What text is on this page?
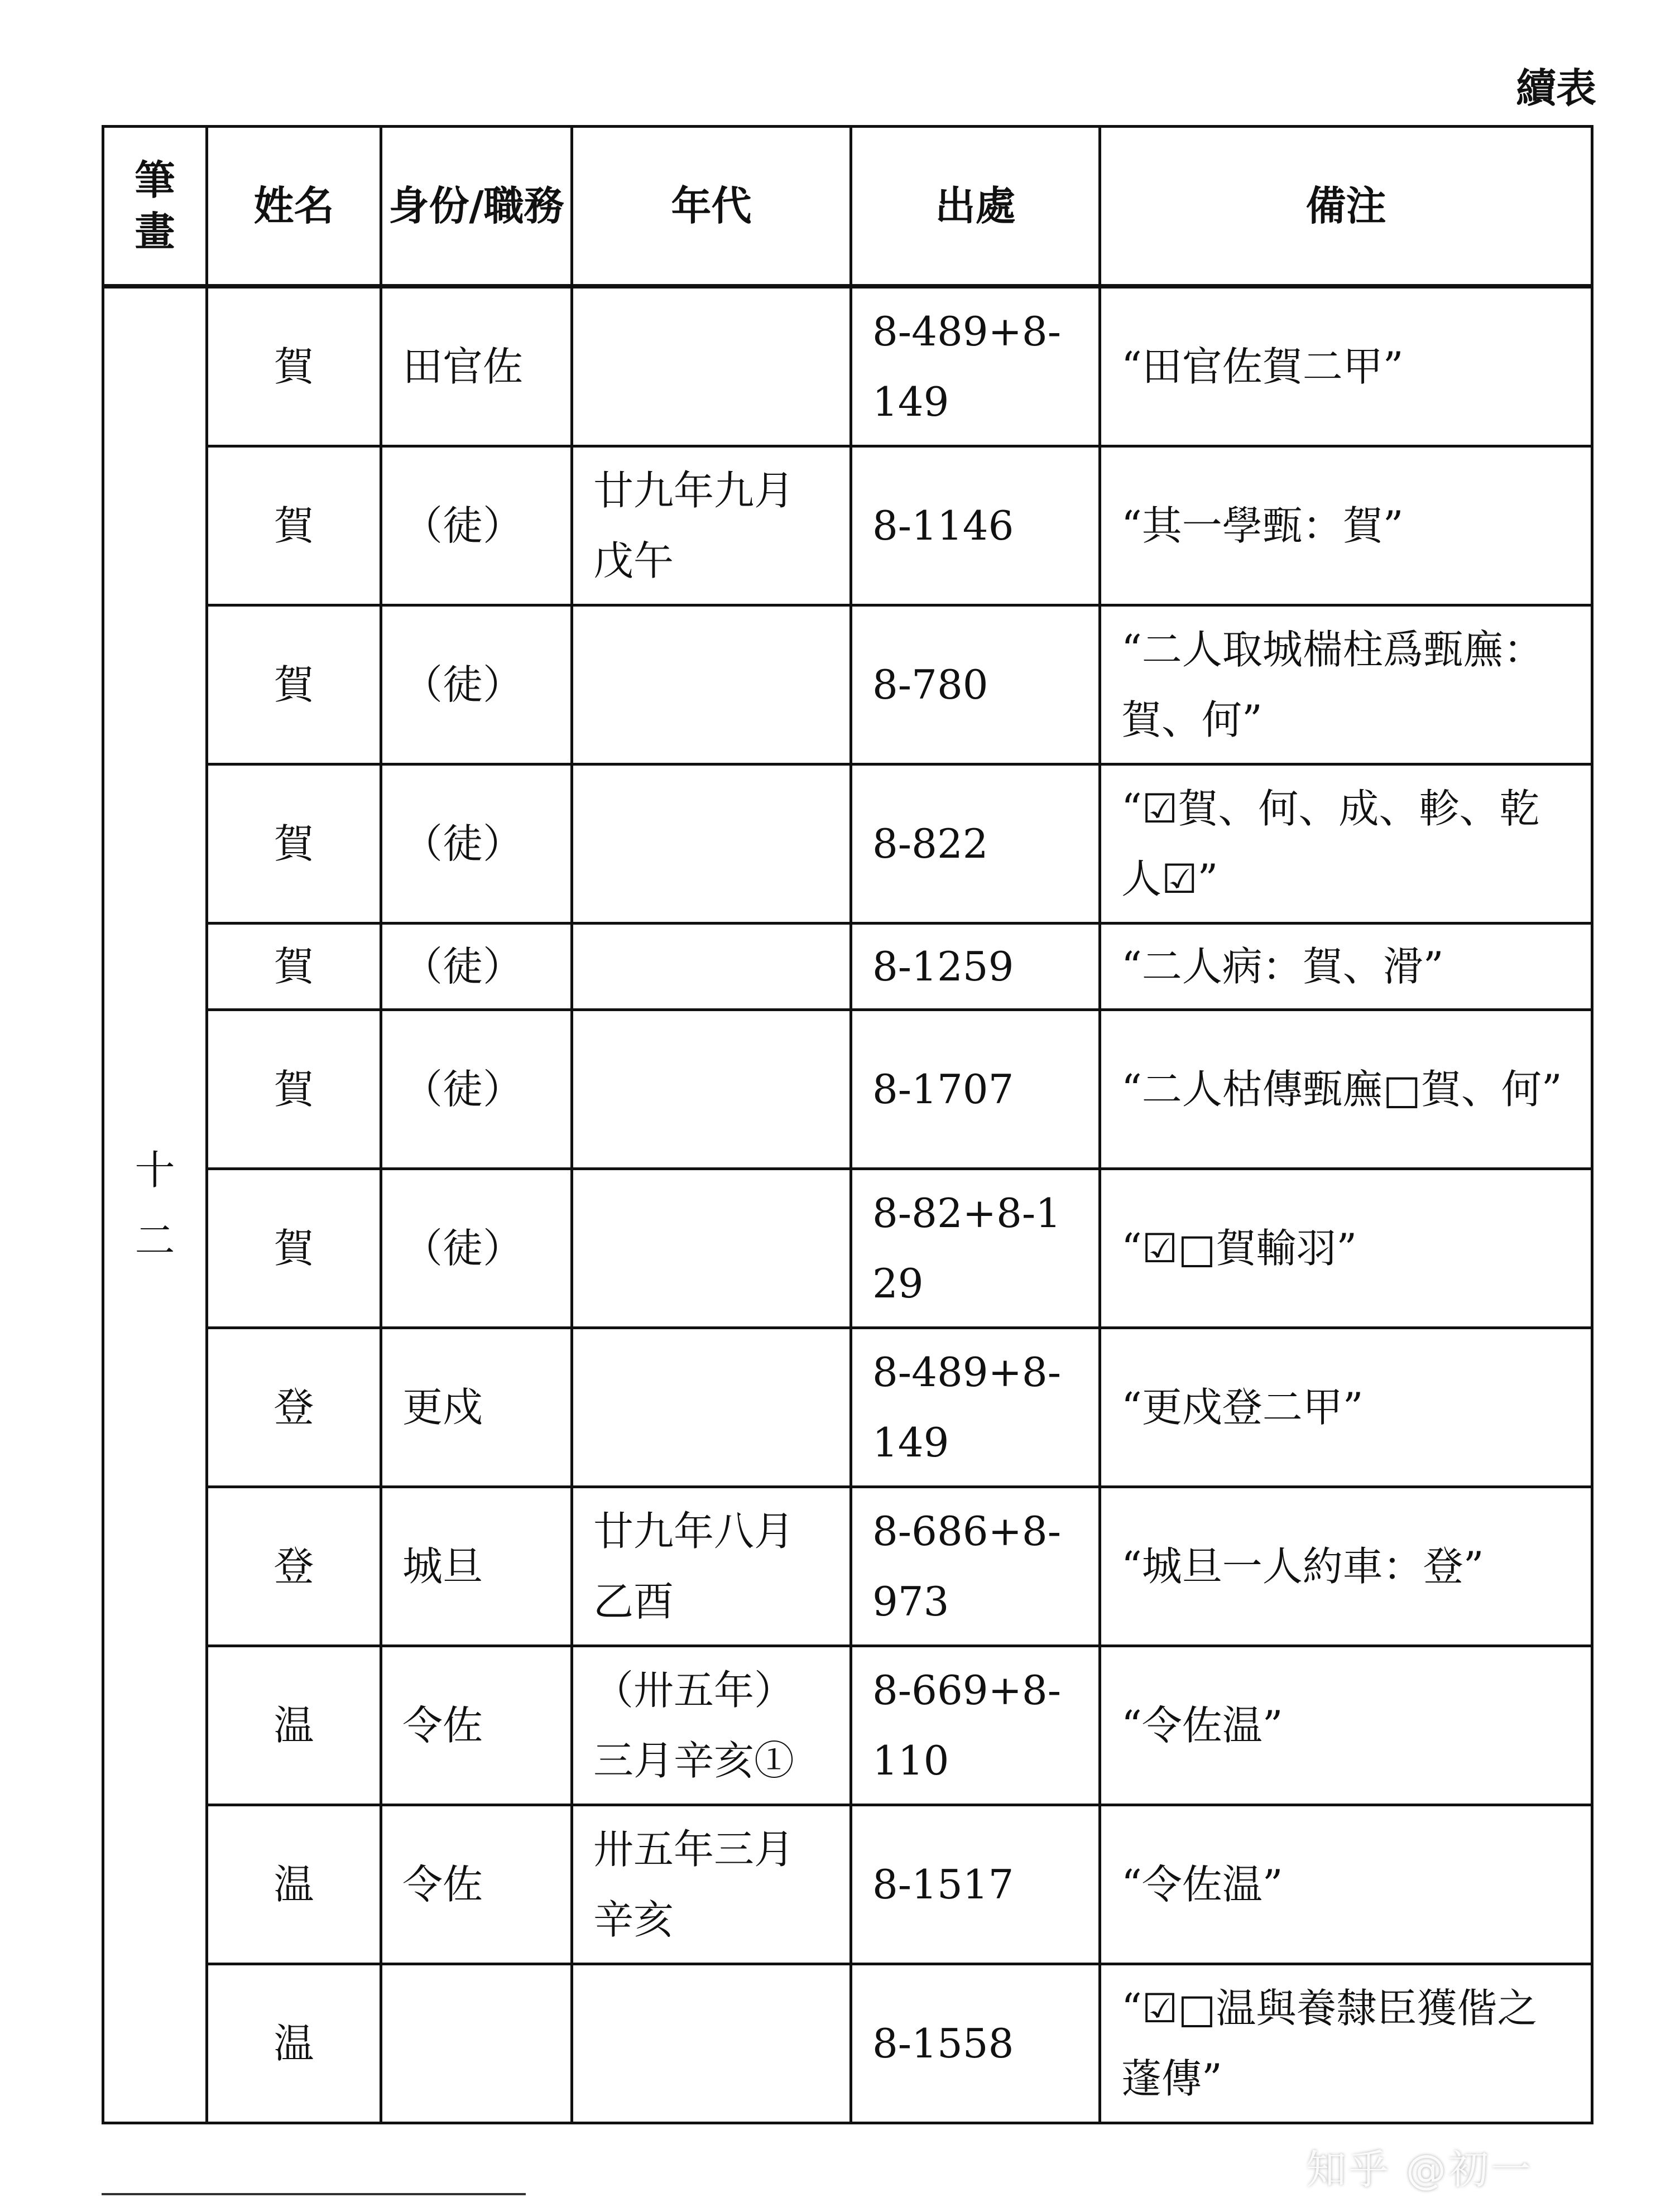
續表
筆畫	姓名	身份/職務	年代	出處	備注
十二	賀	田官佐		8-489+8-149	“田官佐賀二甲”
	賀	（徒）	廿九年九月戊午	8-1146	“其一學甄：賀”
	賀	（徒）		8-780	“二人取城椯柱爲甄廡：賀、何”
	賀	（徒）		8-822	“☑賀、何、成、軫、乾人☑”
	賀	（徒）		8-1259	“二人病：賀、滑”
	賀	（徒）		8-1707	“二人枯傳甄廡□賀、何”
	賀	（徒）		8-82+8-129	“☑□賀輸羽”
	登	更戍		8-489+8-149	“更戍登二甲”
	登	城旦	廿九年八月乙酉	8-686+8-973	“城旦一人約車：登”
	温	令佐	（卅五年）三月辛亥①	8-669+8-110	“令佐温”
	温	令佐	卅五年三月辛亥	8-1517	“令佐温”
	温			8-1558	“☑□温與養隸臣獲偕之蓬傳”
知乎 @初一
